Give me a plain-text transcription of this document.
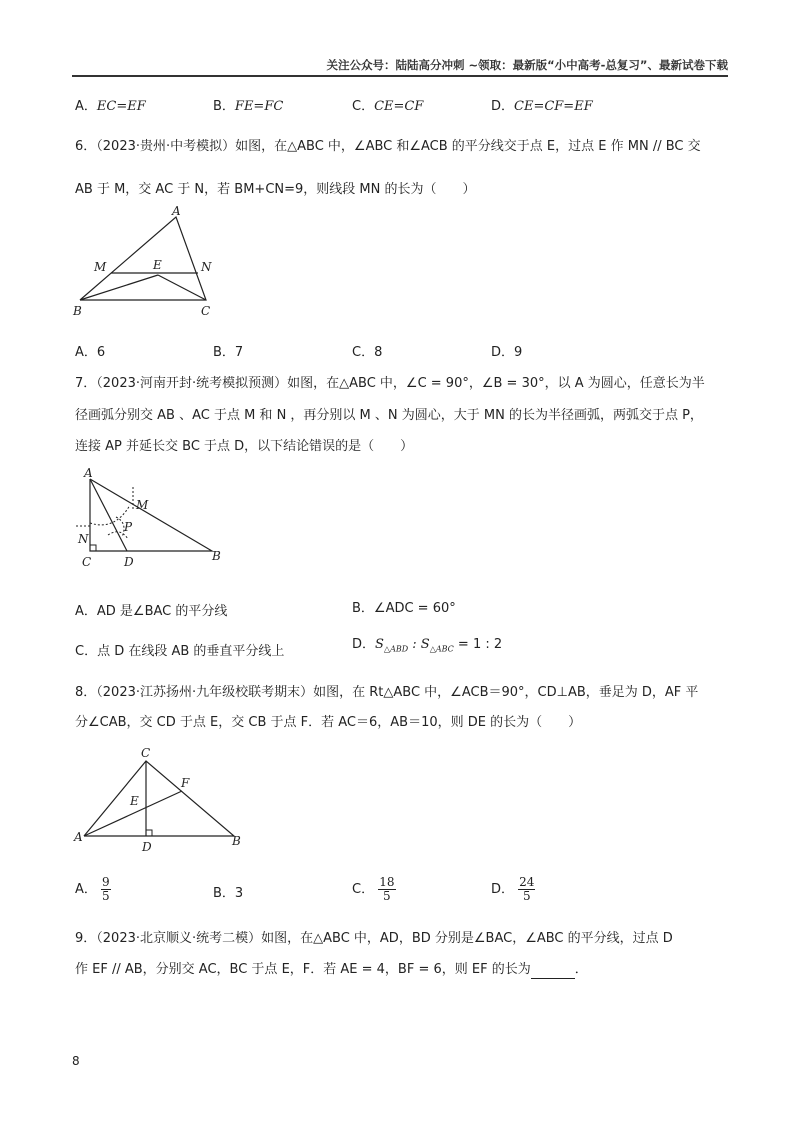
关注公众号：陆陆高分冲刺 ~领取：最新版“小中高考-总复习”、最新试卷下载
A．EC=EF	B．FE=FC	C．CE=CF	D．CE=CF=EF
6．（2023·贵州·中考模拟）如图，在△ABC 中，∠ABC 和∠ACB 的平分线交于点 E，过点 E 作 MN // BC 交
AB 于 M，交 AC 于 N，若 BM+CN=9，则线段 MN 的长为（　　）
A
M	E	N
B	C
A．6	B．7	C．8	D．9
7．（2023·河南开封·统考模拟预测）如图，在△ABC 中，∠C = 90°，∠B = 30°，以 A 为圆心，任意长为半
径画弧分别交 AB 、AC 于点 M 和 N ，再分别以 M 、N 为圆心，大于 MN 的长为半径画弧，两弧交于点 P，
连接 AP 并延长交 BC 于点 D，以下结论错误的是（　　）
A
M
P
N
C	D	B
A．AD 是∠BAC 的平分线	B．∠ADC = 60°
C．点 D 在线段 AB 的垂直平分线上	D．$S_{\triangle ABD}$ : $S_{\triangle ABC} = 1$ : 2
8．（2023·江苏扬州·九年级校联考期末）如图，在 Rt△ABC 中，∠ACB＝90°，CD⊥AB，垂足为 D，AF 平
分∠CAB，交 CD 于点 E，交 CB 于点 F．若 AC＝6，AB＝10，则 DE 的长为（　　）
C
F
E
A
D	B
A． $\frac{9}{5}$	B．3	C． $\frac{18}{5}$	D． $\frac{24}{5}$
9．（2023·北京顺义·统考二模）如图，在△ABC 中，AD，BD 分别是∠BAC，∠ABC 的平分线，过点 D
作 EF // AB，分别交 AC，BC 于点 E，F．若 AE = 4，BF = 6，则 EF 的长为	．
8
